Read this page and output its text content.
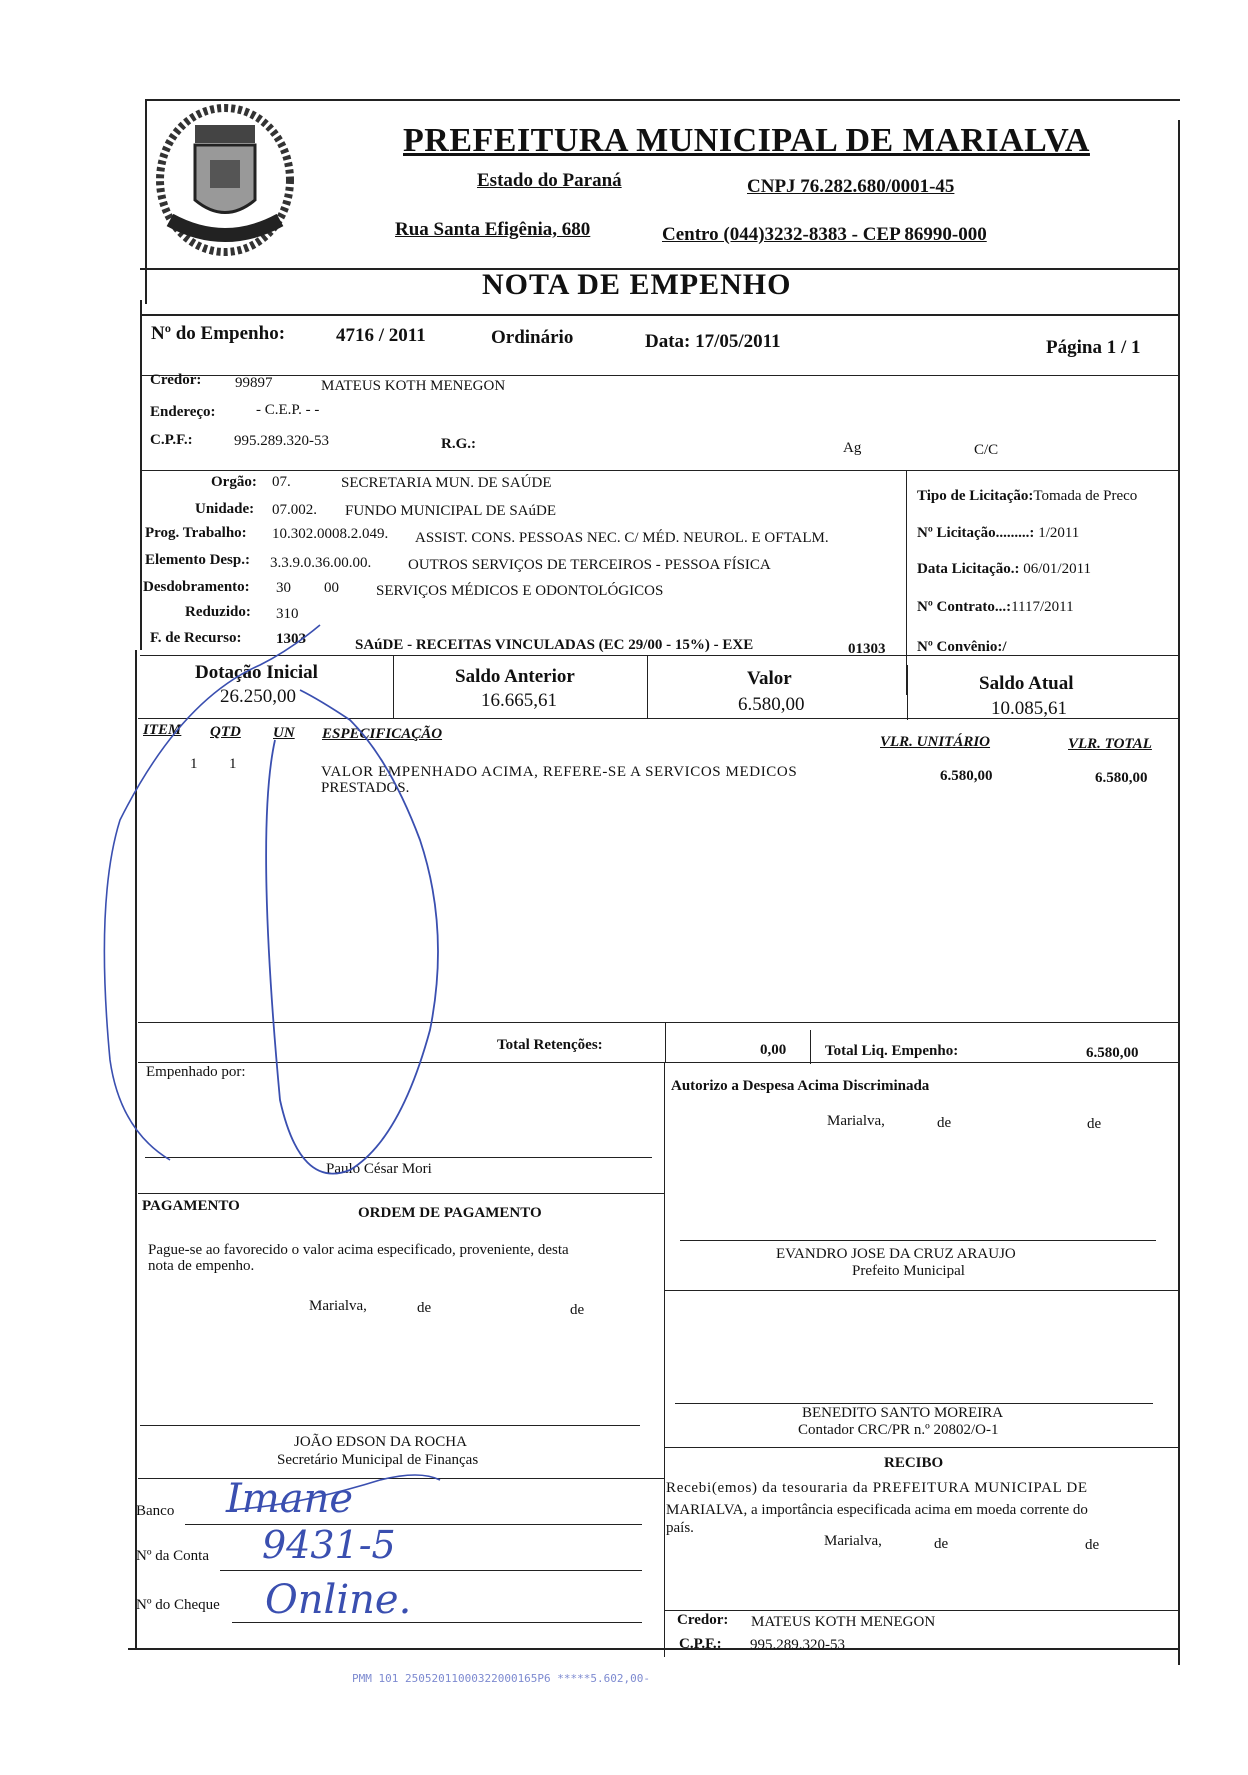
PREFEITURA MUNICIPAL DE MARIALVA
Estado do Paraná	CNPJ 76.282.680/0001-45
Rua Santa Efigênia, 680	Centro (044)3232-8383 - CEP 86990-000
NOTA DE EMPENHO
Nº do Empenho:	4716 / 2011	Ordinário	Data: 17/05/2011	Página 1 / 1
Credor: 99897	MATEUS KOTH MENEGON
Endereço:	- C.E.P. - -
C.P.F.:	995.289.320-53	R.G.:	Ag	C/C
Orgão: 07.	SECRETARIA MUN. DE SAÚDE
Unidade: 07.002. FUNDO MUNICIPAL DE SAúDE
Prog. Trabalho: 10.302.0008.2.049. ASSIST. CONS. PESSOAS NEC. C/ MÉD. NEUROL. E OFTALM.
Elemento Desp.: 3.3.9.0.36.00.00. OUTROS SERVIÇOS DE TERCEIROS - PESSOA FÍSICA
Desdobramento: 30 00 SERVIÇOS MÉDICOS E ODONTOLÓGICOS
Reduzido: 310
F. de Recurso: 1303	SAúDE - RECEITAS VINCULADAS (EC 29/00 - 15%) - EXE	01303
Tipo de Licitação:Tomada de Preco
Nº Licitação.........: 1/2011
Data Licitação.: 06/01/2011
Nº Contrato...:1117/2011
Nº Convênio:/
Dotação Inicial
26.250,00
Saldo Anterior
16.665,61
Valor
6.580,00
Saldo Atual
10.085,61
ITEM QTD UN ESPECIFICAÇÃO	VLR. UNITÁRIO	VLR. TOTAL
1 1	VALOR EMPENHADO ACIMA, REFERE-SE A SERVICOS MEDICOS
PRESTADOS.
6.580,00	6.580,00
Total Retenções:	0,00	Total Liq. Empenho:	6.580,00
Empenhado por:
Paulo César Mori
Autorizo a Despesa Acima Discriminada
Marialva,	de	de
EVANDRO JOSE DA CRUZ ARAUJO
Prefeito Municipal
BENEDITO SANTO MOREIRA
Contador CRC/PR n.º 20802/O-1
PAGAMENTO	ORDEM DE PAGAMENTO
Pague-se ao favorecido o valor acima especificado, proveniente, desta
nota de empenho.
Marialva,	de	de
JOÃO EDSON DA ROCHA
Secretário Municipal de Finanças
Banco Imane
Nº da Conta 9431-5
Nº do Cheque Online.
RECIBO
Recebi(emos) da tesouraria da PREFEITURA MUNICIPAL DE
MARIALVA, a importância especificada acima em moeda corrente do
país.
Marialva,	de	de
Credor: MATEUS KOTH MENEGON
C.P.F.: 995.289.320-53
PMM 101 25052011000322000165P6 *****5.602,00-
